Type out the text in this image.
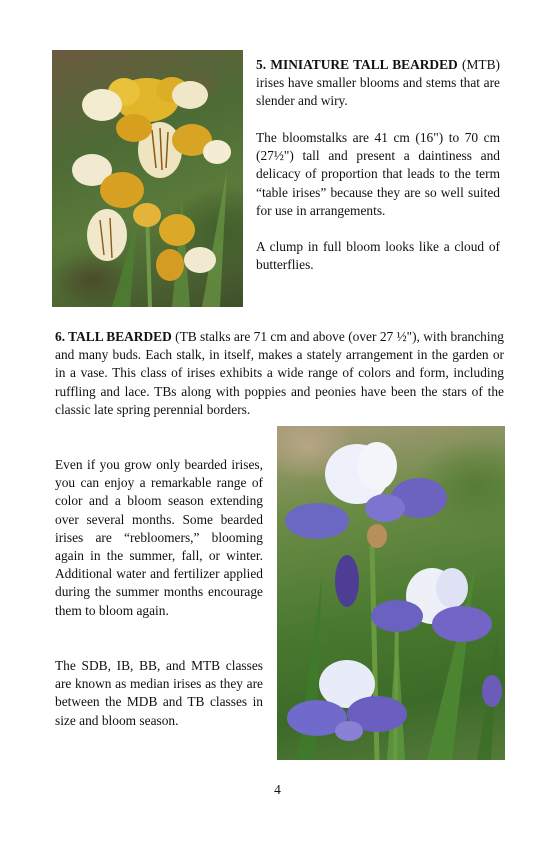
5. MINIATURE TALL BEARDED (MTB) irises have smaller blooms and stems that are slender and wiry.

The bloomstalks are 41 cm (16") to 70 cm (27½") tall and present a daintiness and delicacy of proportion that leads to the term “table irises” because they are so well suited for use in arrangements.

A clump in full bloom looks like a cloud of butterflies.

6. TALL BEARDED (TB stalks are 71 cm and above (over 27 ½"), with branching and many buds. Each stalk, in itself, makes a stately arrangement in the garden or in a vase. This class of irises exhibits a wide range of colors and form, including ruffling and lace. TBs along with poppies and peonies have been the stars of the classic late spring perennial borders.

Even if you grow only bearded irises, you can enjoy a remarkable range of color and a bloom season extending over several months. Some bearded irises are “rebloomers,” blooming again in the summer, fall, or winter. Additional water and fertilizer applied during the summer months encourage them to bloom again.

The SDB, IB, BB, and MTB classes are known as median irises as they are between the MDB and TB classes in size and bloom season.

4
